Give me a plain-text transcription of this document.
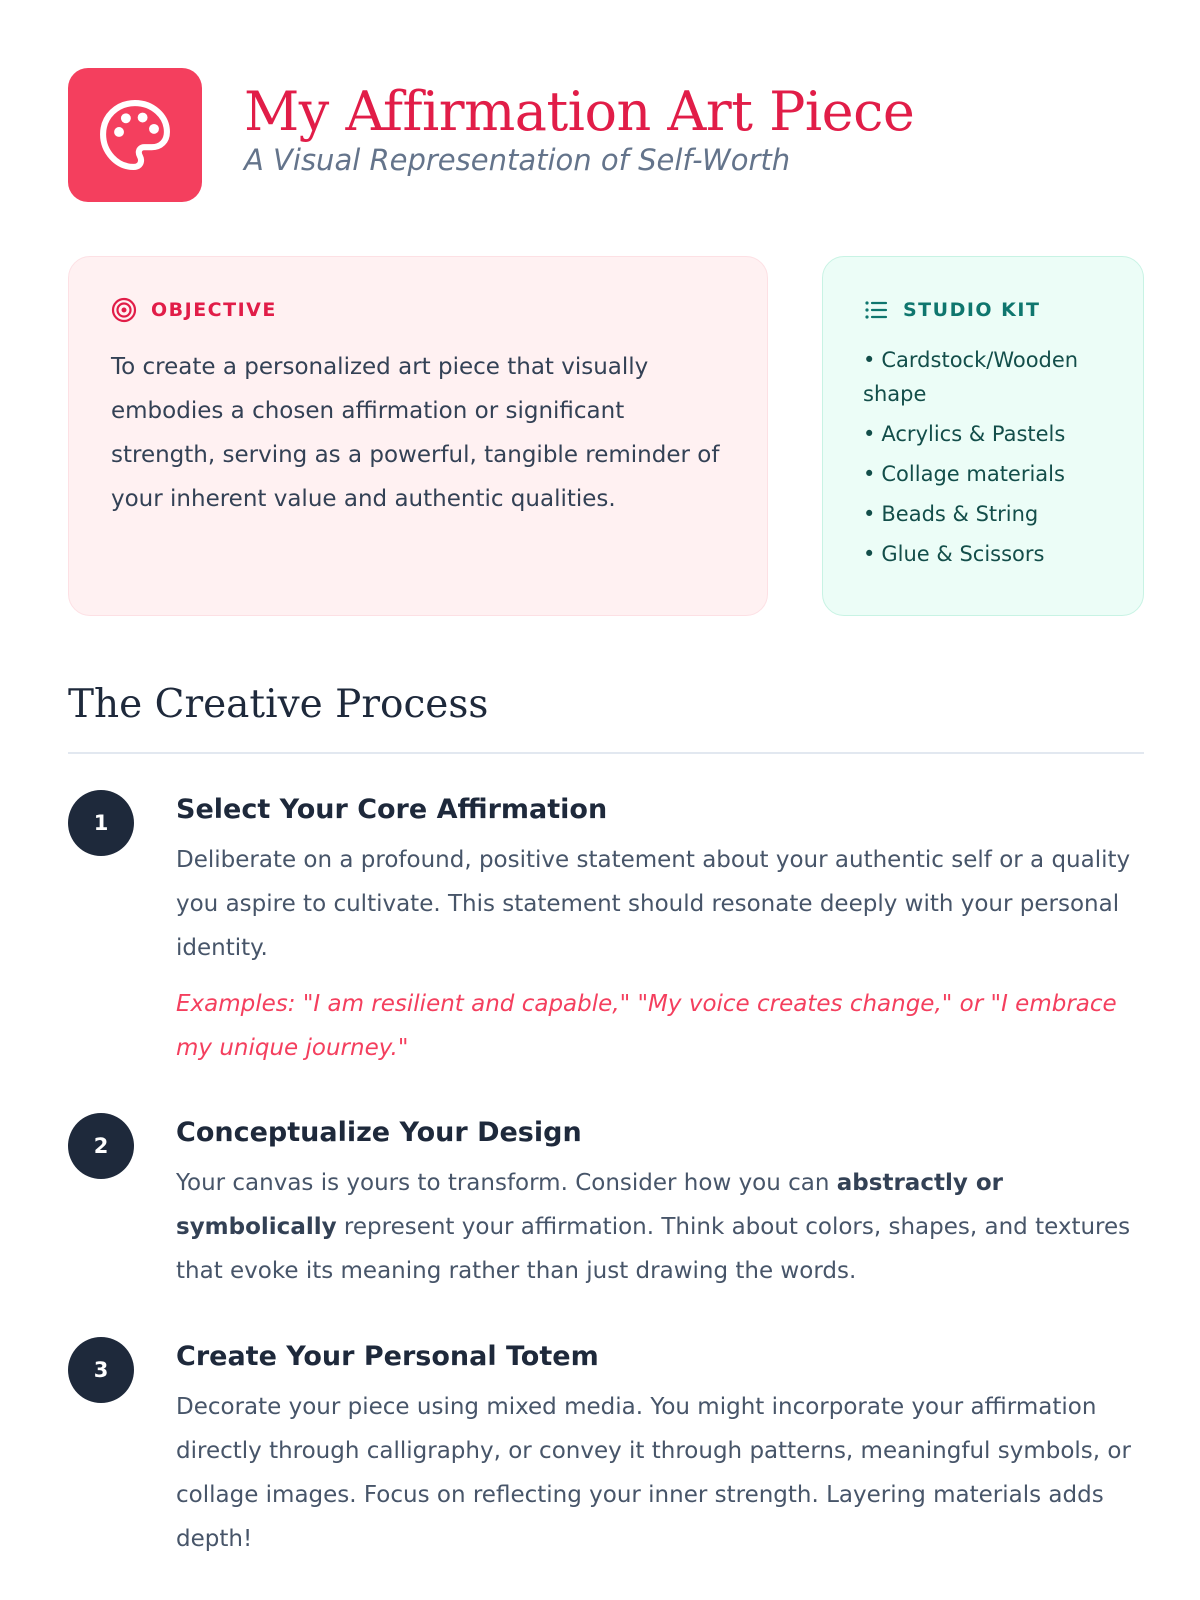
My Affirmation Art Piece
A Visual Representation of Self-Worth
OBJECTIVE
To create a personalized art piece that visually embodies a chosen affirmation or significant strength, serving as a powerful, tangible reminder of your inherent value and authentic qualities.
STUDIO KIT
• Cardstock/Wooden shape
• Acrylics & Pastels
• Collage materials
• Beads & String
• Glue & Scissors
The Creative Process
1	Select Your Core Affirmation
Deliberate on a profound, positive statement about your authentic self or a quality you aspire to cultivate. This statement should resonate deeply with your personal identity.
Examples: "I am resilient and capable," "My voice creates change," or "I embrace my unique journey."
2	Conceptualize Your Design
Your canvas is yours to transform. Consider how you can abstractly or symbolically represent your affirmation. Think about colors, shapes, and textures that evoke its meaning rather than just drawing the words.
3	Create Your Personal Totem
Decorate your piece using mixed media. You might incorporate your affirmation directly through calligraphy, or convey it through patterns, meaningful symbols, or collage images. Focus on reflecting your inner strength. Layering materials adds depth!
